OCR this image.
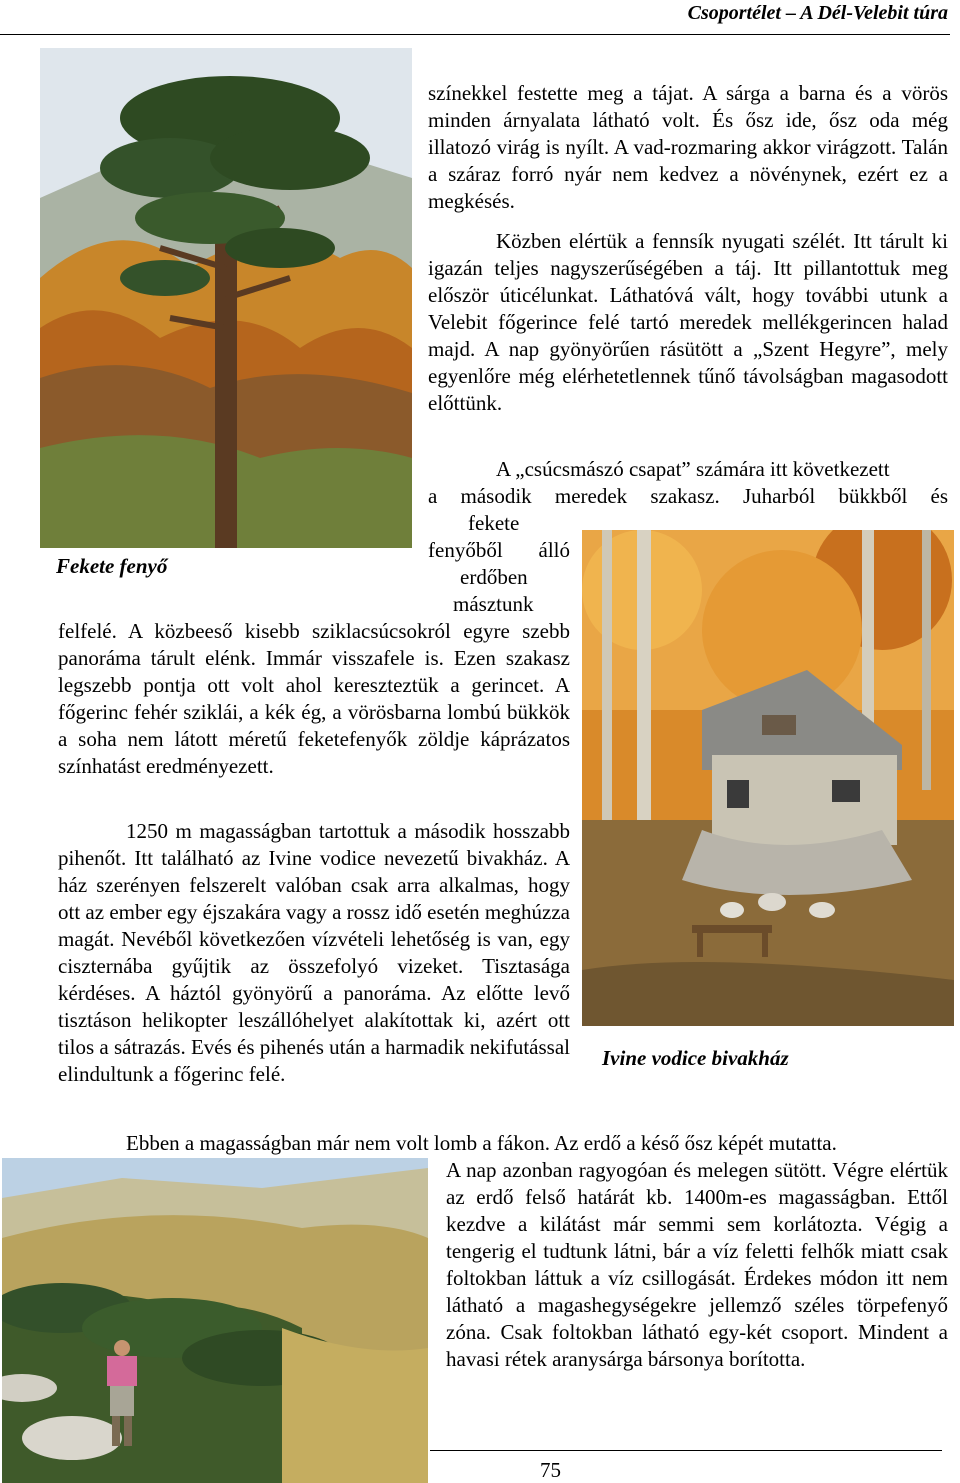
Csoportélet – A Dél-Velebit túra
Fekete fenyő

színekkel festette meg a tájat. A sárga a barna és a vörös minden árnyalata látható volt. És ősz ide, ősz oda még illatozó virág is nyílt. A vad-rozmaring akkor virágzott. Talán a száraz forró nyár nem kedvez a növénynek, ezért ez a megkésés.

Közben elértük a fennsík nyugati szélét. Itt tárult ki igazán teljes nagyszerűségében a táj. Itt pillantottuk meg először úticélunkat. Láthatóvá vált, hogy további utunk a Velebit főgerince felé tartó meredek mellékgerincen halad majd. A nap gyönyörűen rásütött a „Szent Hegyre”, mely egyenlőre még elérhetetlennek tűnő távolságban magasodott előttünk.

A „csúcsmászó csapat” számára itt következett

a második meredek szakasz. Juharból bükkből és

fekete

fenyőből álló

erdőben

másztunk

felfelé. A közbeeső kisebb sziklacsúcsokról egyre szebb panoráma tárult elénk. Immár visszafele is. Ezen szakasz legszebb pontja ott volt ahol kereszteztük a gerincet. A főgerinc fehér sziklái, a kék ég, a vörösbarna lombú bükkök a soha nem látott méretű feketefenyők zöldje káprázatos színhatást eredményezett.

Ivine vodice bivakház

1250 m magasságban tartottuk a második hosszabb pihenőt. Itt található az Ivine vodice nevezetű bivakház. A ház szerényen felszerelt valóban csak arra alkalmas, hogy ott az ember egy éjszakára vagy a rossz idő esetén meghúzza magát. Nevéből következően vízvételi lehetőség is van, egy ciszternába gyűjtik az összefolyó vizeket. Tisztasága kérdéses. A háztól gyönyörű a panoráma. Az előtte levő tisztáson helikopter leszállóhelyet alakítottak ki, azért ott tilos a sátrazás. Evés és pihenés után a harmadik nekifutással elindultunk a főgerinc felé.

Ebben a magasságban már nem volt lomb a fákon. Az erdő a késő ősz képét mutatta.

A nap azonban ragyogóan és melegen sütött. Végre elértük az erdő felső határát kb. 1400m-es magasságban. Ettől kezdve a kilátást már semmi sem korlátozta. Végig a tengerig el tudtunk látni, bár a víz feletti felhők miatt csak foltokban láttuk a víz csillogását. Érdekes módon itt nem látható a magashegységekre jellemző széles törpefenyő zóna. Csak foltokban látható egy-két csoport. Mindent a havasi rétek aranysárga bársonya borította.

75
